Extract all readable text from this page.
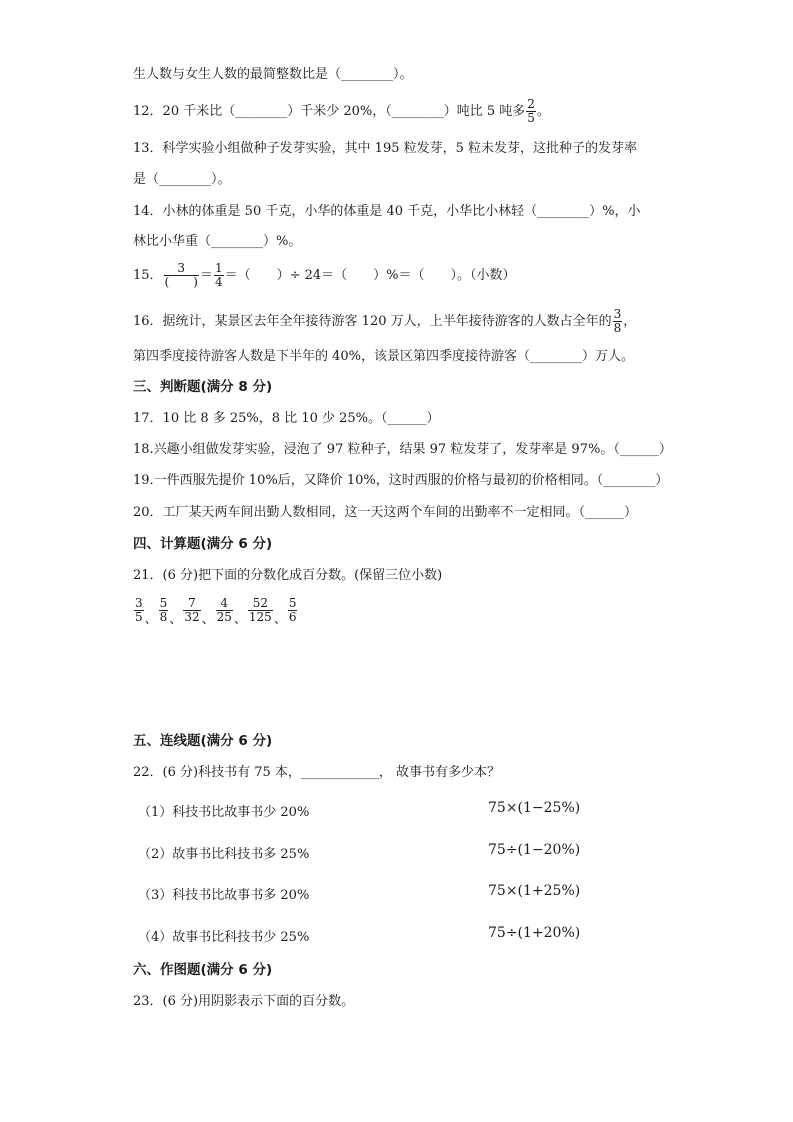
生人数与女生人数的最简整数比是（________）。
12．20 千米比（________）千米少 20%，（________）吨比 5 吨多 $\frac{2}{5}$ 。
13．科学实验小组做种子发芽实验，其中 195 粒发芽，5 粒未发芽，这批种子的发芽率
是（________）。
14．小林的体重是 50 千克，小华的体重是 40 千克，小华比小林轻（________）%，小
林比小华重（________）%。
15． $\frac{3}{( )} = \frac{1}{4}$ ＝（　　）÷ 24＝（　　）%＝（　　）。（小数）
16．据统计，某景区去年全年接待游客 120 万人，上半年接待游客的人数占全年的 $\frac{3}{8}$ ，
第四季度接待游客人数是下半年的 40%，该景区第四季度接待游客（________）万人。
三、判断题(满分 8 分)
17．10 比 8 多 25%，8 比 10 少 25%。（______）
18.兴趣小组做发芽实验，浸泡了 97 粒种子，结果 97 粒发芽了，发芽率是 97%。（______）
19.一件西服先提价 10%后，又降价 10%，这时西服的价格与最初的价格相同。（________）
20．工厂某天两车间出勤人数相同，这一天这两个车间的出勤率不一定相同。（______）
四、计算题(满分 6 分)
21．(6 分)把下面的分数化成百分数。(保留三位小数)
$\frac{3}{5}$ 、 $\frac{5}{8}$ 、 $\frac{7}{32}$ 、 $\frac{4}{25}$ 、 $\frac{52}{125}$ 、 $\frac{5}{6}$
五、连线题(满分 6 分)
22．(6 分)科技书有 75 本，____________， 故事书有多少本？
（1）科技书比故事书少 20%	75×(1−25%)
（2）故事书比科技书多 25%	75÷(1−20%)
（3）科技书比故事书多 20%	75×(1+25%)
（4）故事书比科技书少 25%	75÷(1+20%)
六、作图题(满分 6 分)
23．(6 分)用阴影表示下面的百分数。
